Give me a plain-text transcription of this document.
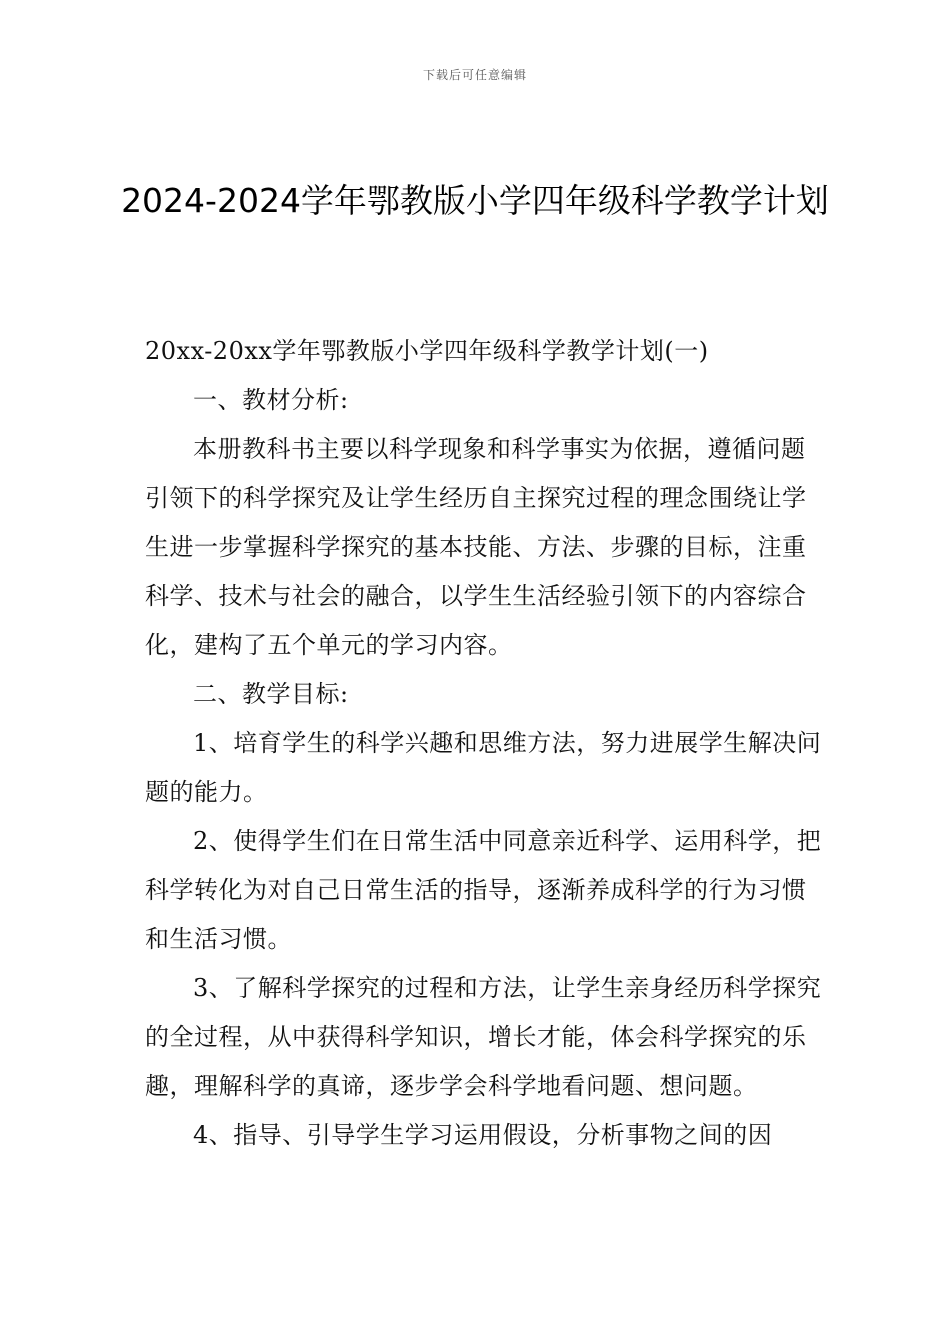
下载后可任意编辑
2024-2024学年鄂教版小学四年级科学教学计划

20xx-20xx学年鄂教版小学四年级科学教学计划(一)

一、教材分析:

本册教科书主要以科学现象和科学事实为依据，遵循问题引领下的科学探究及让学生经历自主探究过程的理念围绕让学生进一步掌握科学探究的基本技能、方法、步骤的目标，注重科学、技术与社会的融合，以学生生活经验引领下的内容综合化，建构了五个单元的学习内容。

二、教学目标:

1、培育学生的科学兴趣和思维方法，努力进展学生解决问题的能力。

2、使得学生们在日常生活中同意亲近科学、运用科学，把科学转化为对自己日常生活的指导，逐渐养成科学的行为习惯和生活习惯。

3、了解科学探究的过程和方法，让学生亲身经历科学探究的全过程，从中获得科学知识，增长才能，体会科学探究的乐趣，理解科学的真谛，逐步学会科学地看问题、想问题。

4、指导、引导学生学习运用假设，分析事物之间的因
